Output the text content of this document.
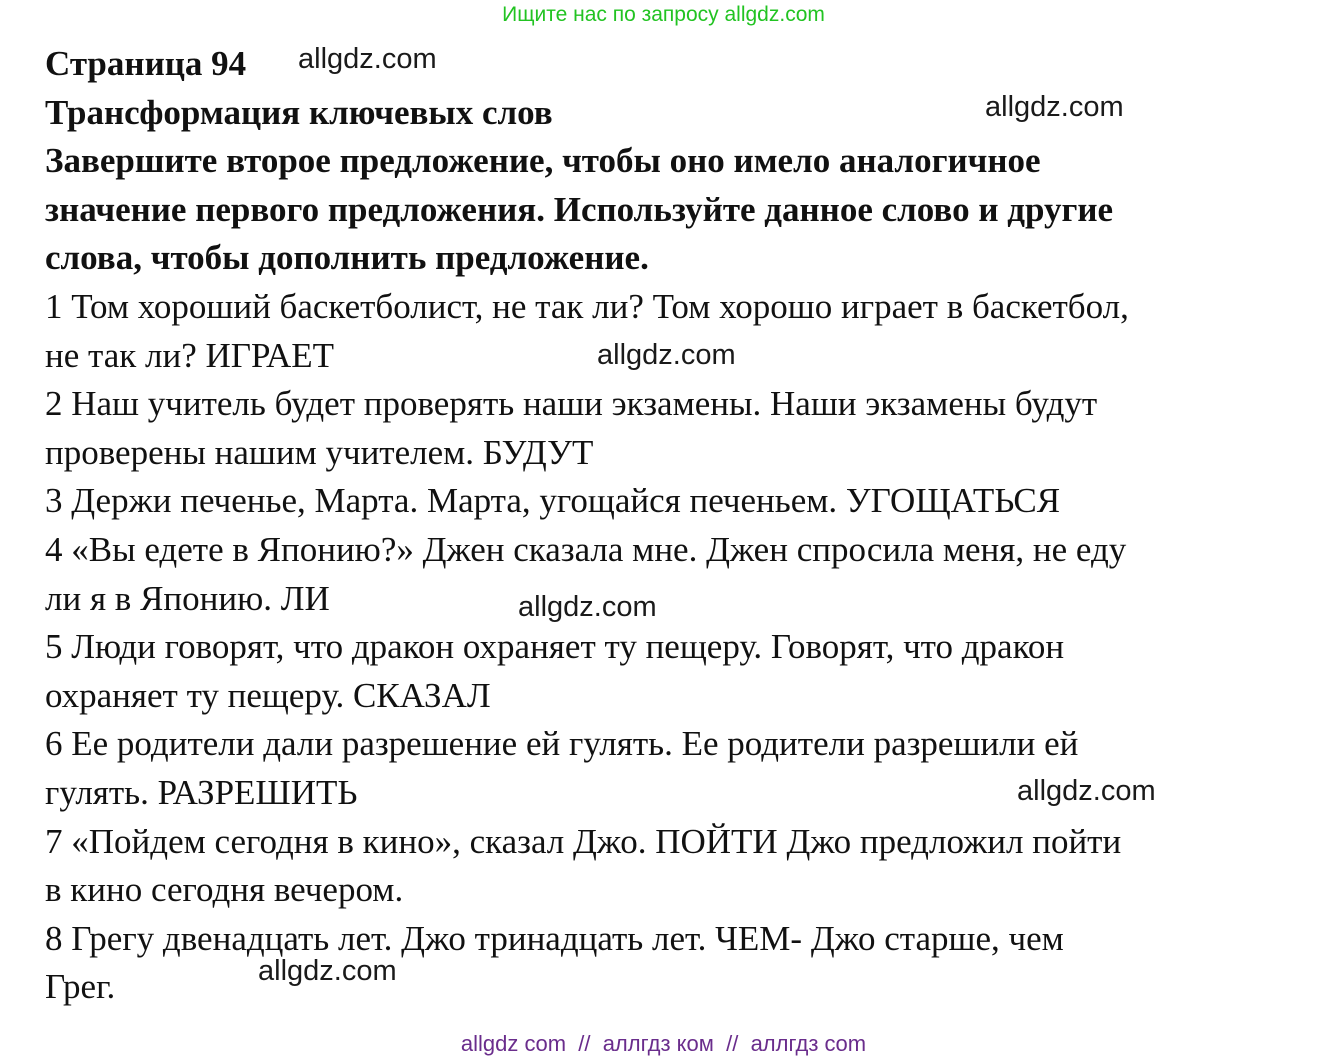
Ищите нас по запросу allgdz.com
Страница 94
Трансформация ключевых слов
Завершите второе предложение, чтобы оно имело аналогичное
значение первого предложения. Используйте данное слово и другие
слова, чтобы дополнить предложение.
1 Том хороший баскетболист, не так ли? Том хорошо играет в баскетбол,
не так ли? ИГРАЕТ
2 Наш учитель будет проверять наши экзамены. Наши экзамены будут
проверены нашим учителем. БУДУТ
3 Держи печенье, Марта. Марта, угощайся печеньем. УГОЩАТЬСЯ
4 «Вы едете в Японию?» Джен сказала мне. Джен спросила меня, не еду
ли я в Японию. ЛИ
5 Люди говорят, что дракон охраняет ту пещеру. Говорят, что дракон
охраняет ту пещеру. СКАЗАЛ
6 Ее родители дали разрешение ей гулять. Ее родители разрешили ей
гулять. РАЗРЕШИТЬ
7 «Пойдем сегодня в кино», сказал Джо. ПОЙТИ Джо предложил пойти
в кино сегодня вечером.
8 Грегу двенадцать лет. Джо тринадцать лет. ЧЕМ- Джо старше, чем
Грег.
allgdz.com
allgdz.com
allgdz.com
allgdz.com
allgdz.com
allgdz.com
allgdz com  //  аллгдз ком  //  аллгдз com
